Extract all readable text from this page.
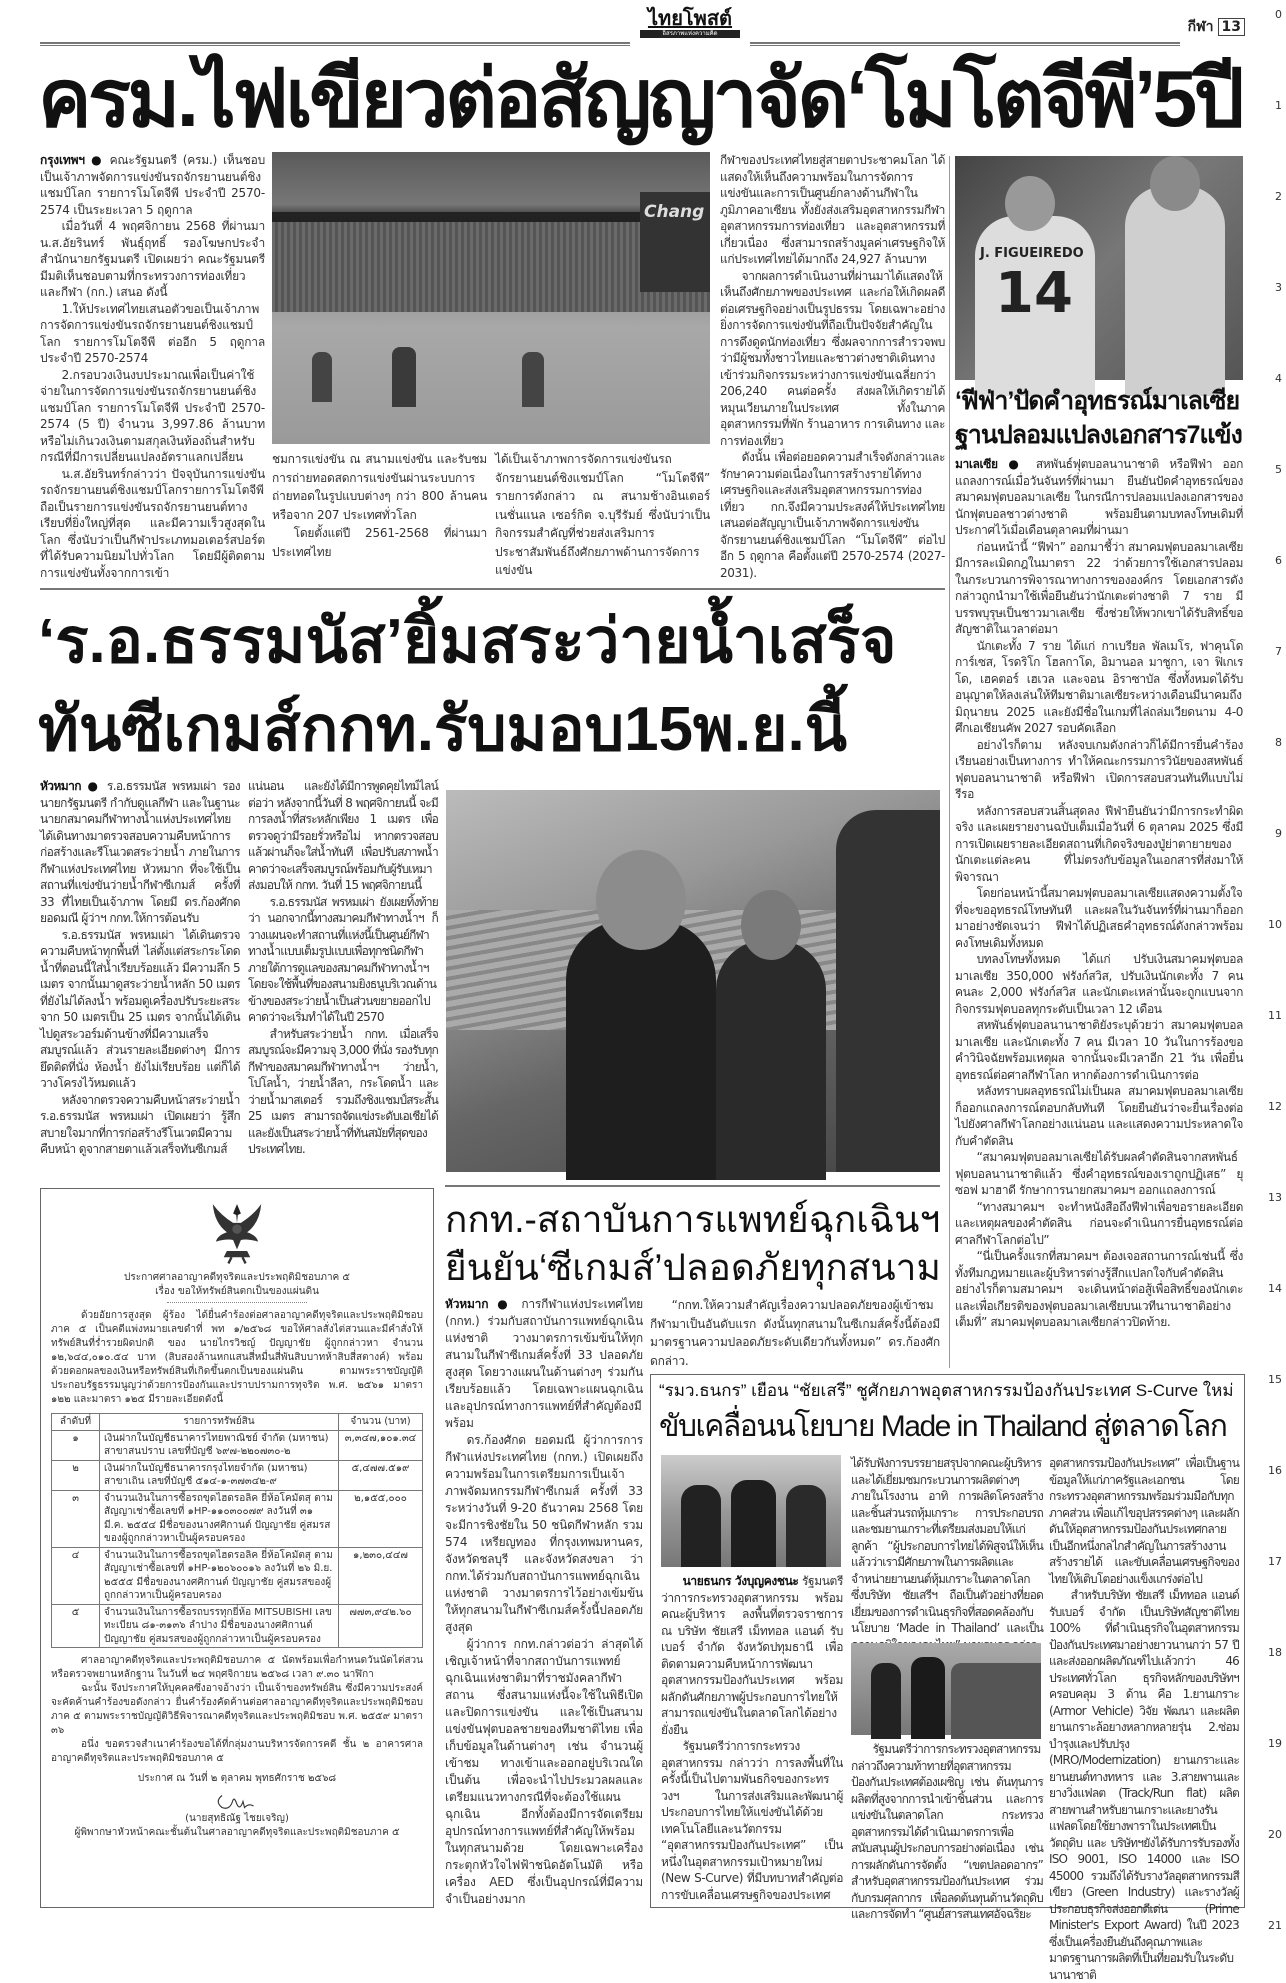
ไทยโพสต์
อิสรภาพแห่งความคิด	กีฬา 13
0
1
2
3
4
5
6
7
8
9
10
11
12
13
14
15
16
17
18
19
20
21
ครม.ไฟเขียวต่อสัญญาจัด‘โมโตจีพี’5ปี

กรุงเทพฯ ● คณะรัฐมนตรี (ครม.) เห็นชอบเป็นเจ้าภาพจัดการแข่งขันรถจักรยานยนต์ชิงแชมป์โลก รายการโมโตจีพี ประจำปี 2570-2574 เป็นระยะเวลา 5 ฤดูกาล

เมื่อวันที่ 4 พฤศจิกายน 2568 ที่ผ่านมา น.ส.อัยรินทร์ พันธุ์ฤทธิ์ รองโฆษกประจำสำนักนายกรัฐมนตรี เปิดเผยว่า คณะรัฐมนตรีมีมติเห็นชอบตามที่กระทรวงการท่องเที่ยวและกีฬา (กก.) เสนอ ดังนี้

1.ให้ประเทศไทยเสนอตัวขอเป็นเจ้าภาพการจัดการแข่งขันรถจักรยานยนต์ชิงแชมป์โลก รายการโมโตจีพี ต่ออีก 5 ฤดูกาล ประจำปี 2570-2574

2.กรอบวงเงินงบประมาณเพื่อเป็นค่าใช้จ่ายในการจัดการแข่งขันรถจักรยานยนต์ชิงแชมป์โลก รายการโมโตจีพี ประจำปี 2570-2574 (5 ปี) จำนวน 3,997.86 ล้านบาท หรือไม่เกินวงเงินตามสกุลเงินท้องถิ่นสำหรับกรณีที่มีการเปลี่ยนแปลงอัตราแลกเปลี่ยน

น.ส.อัยรินทร์กล่าวว่า ปัจจุบันการแข่งขันรถจักรยานยนต์ชิงแชมป์โลกรายการโมโตจีพี ถือเป็นรายการแข่งขันรถจักรยานยนต์ทางเรียบที่ยิ่งใหญ่ที่สุด และมีความเร็วสูงสุดในโลก ซึ่งนับว่าเป็นกีฬาประเภทมอเตอร์สปอร์ตที่ได้รับความนิยมไปทั่วโลก โดยมีผู้ติดตามการแข่งขันทั้งจากการเข้า

Chang

ชมการแข่งขัน ณ สนามแข่งขัน และรับชมการถ่ายทอดสดการแข่งขันผ่านระบบการถ่ายทอดในรูปแบบต่างๆ กว่า 800 ล้านคน หรือจาก 207 ประเทศทั่วโลก

โดยตั้งแต่ปี 2561-2568 ที่ผ่านมา ประเทศไทย

ได้เป็นเจ้าภาพการจัดการแข่งขันรถจักรยานยนต์ชิงแชมป์โลก “โมโตจีพี” รายการดังกล่าว ณ สนามช้างอินเตอร์เนชั่นแนล เซอร์กิต จ.บุรีรัมย์ ซึ่งนับว่าเป็นกิจกรรมสำคัญที่ช่วยส่งเสริมการประชาสัมพันธ์ถึงศักยภาพด้านการจัดการแข่งขัน

กีฬาของประเทศไทยสู่สายตาประชาคมโลก ได้แสดงให้เห็นถึงความพร้อมในการจัดการแข่งขันและการเป็นศูนย์กลางด้านกีฬาในภูมิภาคอาเซียน ทั้งยังส่งเสริมอุตสาหกรรมกีฬา อุตสาหกรรมการท่องเที่ยว และอุตสาหกรรมที่เกี่ยวเนื่อง ซึ่งสามารถสร้างมูลค่าเศรษฐกิจให้แก่ประเทศไทยได้มากถึง 24,927 ล้านบาท

จากผลการดำเนินงานที่ผ่านมาได้แสดงให้เห็นถึงศักยภาพของประเทศ และก่อให้เกิดผลดีต่อเศรษฐกิจอย่างเป็นรูปธรรม โดยเฉพาะอย่างยิ่งการจัดการแข่งขันที่ถือเป็นปัจจัยสำคัญในการดึงดูดนักท่องเที่ยว ซึ่งผลจากการสำรวจพบว่ามีผู้ชมทั้งชาวไทยและชาวต่างชาติเดินทางเข้าร่วมกิจกรรมระหว่างการแข่งขันเฉลี่ยกว่า 206,240 คนต่อครั้ง ส่งผลให้เกิดรายได้หมุนเวียนภายในประเทศ ทั้งในภาคอุตสาหกรรมที่พัก ร้านอาหาร การเดินทาง และการท่องเที่ยว

ดังนั้น เพื่อต่อยอดความสำเร็จดังกล่าวและรักษาความต่อเนื่องในการสร้างรายได้ทางเศรษฐกิจและส่งเสริมอุตสาหกรรมการท่องเที่ยว กก.จึงมีความประสงค์ให้ประเทศไทยเสนอต่อสัญญาเป็นเจ้าภาพจัดการแข่งขันจักรยานยนต์ชิงแชมป์โลก “โมโตจีพี” ต่อไปอีก 5 ฤดูกาล คือตั้งแต่ปี 2570-2574 (2027-2031).

J. FIGUEIREDO
14
‘ฟีฟ่า’ปัดคำอุทธรณ์มาเลเซีย
ฐานปลอมแปลงเอกสาร7แข้ง

มาเลเซีย ● สหพันธ์ฟุตบอลนานาชาติ หรือฟีฟ่า ออกแถลงการณ์เมื่อวันจันทร์ที่ผ่านมา ยืนยันปัดคำอุทธรณ์ของสมาคมฟุตบอลมาเลเซีย ในกรณีการปลอมแปลงเอกสารของนักฟุตบอลชาวต่างชาติ พร้อมยืนตามบทลงโทษเดิมที่ประกาศไว้เมื่อเดือนตุลาคมที่ผ่านมา

ก่อนหน้านี้ “ฟีฟ่า” ออกมาชี้ว่า สมาคมฟุตบอลมาเลเซีย มีการละเมิดกฎในมาตรา 22 ว่าด้วยการใช้เอกสารปลอม ในกระบวนการพิจารณาทางการขององค์กร โดยเอกสารดังกล่าวถูกนำมาใช้เพื่อยืนยันว่านักเตะต่างชาติ 7 ราย มีบรรพบุรุษเป็นชาวมาเลเซีย ซึ่งช่วยให้พวกเขาได้รับสิทธิ์ขอสัญชาติในเวลาต่อมา

นักเตะทั้ง 7 ราย ได้แก่ กาเบรียล พัลเมโร, ฟาคุนโด การ์เซส, โรดริโก โฮลกาโด, อิมานอล มาชูกา, เจา ฟิเกเรโด, เฮคตอร์ เฮเวล และจอน อิราซาบัล ซึ่งทั้งหมดได้รับอนุญาตให้ลงเล่นให้ทีมชาติมาเลเซียระหว่างเดือนมีนาคมถึงมิถุนายน 2025 และยังมีชื่อในเกมที่ไล่ถล่มเวียดนาม 4-0 ศึกเอเชียนคัพ 2027 รอบคัดเลือก

อย่างไรก็ตาม หลังจบเกมดังกล่าวก็ได้มีการยื่นคำร้องเรียนอย่างเป็นทางการ ทำให้คณะกรรมการวินัยของสหพันธ์ฟุตบอลนานาชาติ หรือฟีฟ่า เปิดการสอบสวนทันทีแบบไม่รีรอ

หลังการสอบสวนสิ้นสุดลง ฟีฟ่ายืนยันว่ามีการกระทำผิดจริง และเผยรายงานฉบับเต็มเมื่อวันที่ 6 ตุลาคม 2025 ซึ่งมีการเปิดเผยรายละเอียดสถานที่เกิดจริงของปู่ย่าตายายของนักเตะแต่ละคน ที่ไม่ตรงกับข้อมูลในเอกสารที่ส่งมาให้พิจารณา

โดยก่อนหน้านี้สมาคมฟุตบอลมาเลเซียแสดงความตั้งใจที่จะขออุทธรณ์โทษทันที และผลในวันจันทร์ที่ผ่านมาก็ออกมาอย่างชัดเจนว่า ฟีฟ่าได้ปฏิเสธคำอุทธรณ์ดังกล่าวพร้อมคงโทษเดิมทั้งหมด

บทลงโทษทั้งหมด ได้แก่ ปรับเงินสมาคมฟุตบอลมาเลเซีย 350,000 ฟรังก์สวิส, ปรับเงินนักเตะทั้ง 7 คน คนละ 2,000 ฟรังก์สวิส และนักเตะเหล่านั้นจะถูกแบนจากกิจกรรมฟุตบอลทุกระดับเป็นเวลา 12 เดือน

สหพันธ์ฟุตบอลนานาชาติยังระบุด้วยว่า สมาคมฟุตบอลมาเลเซีย และนักเตะทั้ง 7 คน มีเวลา 10 วันในการร้องขอคำวินิจฉัยพร้อมเหตุผล จากนั้นจะมีเวลาอีก 21 วัน เพื่อยื่นอุทธรณ์ต่อศาลกีฬาโลก หากต้องการดำเนินการต่อ

หลังทราบผลอุทธรณ์ไม่เป็นผล สมาคมฟุตบอลมาเลเซียก็ออกแถลงการณ์ตอบกลับทันที โดยยืนยันว่าจะยื่นเรื่องต่อไปยังศาลกีฬาโลกอย่างแน่นอน และแสดงความประหลาดใจกับคำตัดสิน

“สมาคมฟุตบอลมาเลเซียได้รับผลคำตัดสินจากสหพันธ์ฟุตบอลนานาชาติแล้ว ซึ่งคำอุทธรณ์ของเราถูกปฏิเสธ” ยุซอฟ มาฮาดี รักษาการนายกสมาคมฯ ออกแถลงการณ์

“ทางสมาคมฯ จะทำหนังสือถึงฟีฟ่าเพื่อขอรายละเอียดและเหตุผลของคำตัดสิน ก่อนจะดำเนินการยื่นอุทธรณ์ต่อศาลกีฬาโลกต่อไป”

“นี่เป็นครั้งแรกที่สมาคมฯ ต้องเจอสถานการณ์เช่นนี้ ซึ่งทั้งทีมกฎหมายและผู้บริหารต่างรู้สึกแปลกใจกับคำตัดสิน อย่างไรก็ตามสมาคมฯ จะเดินหน้าต่อสู้เพื่อสิทธิ์ของนักเตะ และเพื่อเกียรติของฟุตบอลมาเลเซียบนเวทีนานาชาติอย่างเต็มที่” สมาคมฟุตบอลมาเลเซียกล่าวปิดท้าย.

‘ร.อ.ธรรมนัส’ยิ้มสระว่ายน้ำเสร็จ
ทันซีเกมส์กกท.รับมอบ15พ.ย.นี้

หัวหมาก ● ร.อ.ธรรมนัส พรหมเผ่า รองนายกรัฐมนตรี กำกับดูแลกีฬา และในฐานะนายกสมาคมกีฬาทางน้ำแห่งประเทศไทย ได้เดินทางมาตรวจสอบความคืบหน้าการก่อสร้างและรีโนเวตสระว่ายน้ำ ภายในการกีฬาแห่งประเทศไทย หัวหมาก ที่จะใช้เป็นสถานที่แข่งขันว่ายน้ำกีฬาซีเกมส์ ครั้งที่ 33 ที่ไทยเป็นเจ้าภาพ โดยมี ดร.ก้องศักด ยอดมณี ผู้ว่าฯ กกท.ให้การต้อนรับ

ร.อ.ธรรมนัส พรหมเผ่า ได้เดินตรวจความคืบหน้าทุกพื้นที่ ไล่ตั้งแต่สระกระโดดน้ำที่ตอนนี้ใส่น้ำเรียบร้อยแล้ว มีความลึก 5 เมตร จากนั้นมาดูสระว่ายน้ำหลัก 50 เมตร ที่ยังไม่ได้ลงน้ำ พร้อมดูเครื่องปรับระยะสระจาก 50 เมตรเป็น 25 เมตร จากนั้นได้เดินไปดูสระวอร์มด้านข้างที่มีความเสร็จสมบูรณ์แล้ว ส่วนรายละเอียดต่างๆ มีการยึดติดที่นั่ง ห้องน้ำ ยังไม่เรียบร้อย แต่ก็ได้วางโครงไว้หมดแล้ว

หลังจากตรวจความคืบหน้าสระว่ายน้ำ ร.อ.ธรรมนัส พรหมเผ่า เปิดเผยว่า รู้สึกสบายใจมากที่การก่อสร้างรีโนเวตมีความคืบหน้า ดูจากสายตาแล้วเสร็จทันซีเกมส์

แน่นอน และยังได้มีการพูดคุยไทม์ไลน์ต่อว่า หลังจากนี้วันที่ 8 พฤศจิกายนนี้ จะมีการลงน้ำที่สระหลักเพียง 1 เมตร เพื่อตรวจดูว่ามีรอยรั่วหรือไม่ หากตรวจสอบแล้วผ่านก็จะใส่น้ำทันที เพื่อปรับสภาพน้ำ คาดว่าจะเสร็จสมบูรณ์พร้อมกับผู้รับเหมาส่งมอบให้ กกท. วันที่ 15 พฤศจิกายนนี้

ร.อ.ธรรมนัส พรหมเผ่า ยังเผยทิ้งท้ายว่า นอกจากนี้ทางสมาคมกีฬาทางน้ำฯ ก็วางแผนจะทำสถานที่แห่งนี้เป็นศูนย์กีฬาทางน้ำแบบเต็มรูปแบบเพื่อทุกชนิดกีฬา ภายใต้การดูแลของสมาคมกีฬาทางน้ำฯ โดยจะใช้พื้นที่ของสนามยิงธนูบริเวณด้านข้างของสระว่ายน้ำเป็นส่วนขยายออกไป คาดว่าจะเริ่มทำได้ในปี 2570

สำหรับสระว่ายน้ำ กกท. เมื่อเสร็จสมบูรณ์จะมีความจุ 3,000 ที่นั่ง รองรับทุกกีฬาของสมาคมกีฬาทางน้ำฯ ว่ายน้ำ, โปโลน้ำ, ว่ายน้ำลีลา, กระโดดน้ำ และว่ายน้ำมาสเตอร์ รวมถึงชิงแชมป์สระสั้น 25 เมตร สามารถจัดแข่งระดับเอเชียได้ และยังเป็นสระว่ายน้ำที่ทันสมัยที่สุดของประเทศไทย.

ประกาศศาลอาญาคดีทุจริตและประพฤติมิชอบภาค ๕
เรื่อง ขอให้ทรัพย์สินตกเป็นของแผ่นดิน

ด้วยอัยการสูงสุด ผู้ร้อง ได้ยื่นคำร้องต่อศาลอาญาคดีทุจริตและประพฤติมิชอบภาค ๕ เป็นคดีแพ่งหมายเลขดำที่ พท ๑/๒๕๖๘ ขอให้ศาลสั่งไต่สวนและมีคำสั่งให้ทรัพย์สินที่ร่ำรวยผิดปกติ ของ นายไกรวิชญ์ ปัญญาชัย ผู้ถูกกล่าวหา จำนวน ๑๒,๖๔๔,๐๑๐.๕๔ บาท (สิบสองล้านหกแสนสี่หมื่นสี่พันสิบบาทห้าสิบสี่สตางค์) พร้อมด้วยดอกผลของเงินหรือทรัพย์สินที่เกิดขึ้นตกเป็นของแผ่นดิน ตามพระราชบัญญัติประกอบรัฐธรรมนูญว่าด้วยการป้องกันและปราบปรามการทุจริต พ.ศ. ๒๕๖๑ มาตรา ๑๒๒ และมาตรา ๑๒๕ มีรายละเอียดดังนี้

ลำดับที่	รายการทรัพย์สิน	จำนวน (บาท)
๑	เงินฝากในบัญชีธนาคารไทยพาณิชย์ จำกัด (มหาชน) สาขาสนปราบ เลขที่บัญชี ๖๙๗-๒๒๐๗๓๐-๒	๓,๓๔๗,๑๐๑.๓๔
๒	เงินฝากในบัญชีธนาคารกรุงไทยจำกัด (มหาชน) สาขาเถิน เลขที่บัญชี ๕๑๔-๑-๓๗๓๔๒-๙	๕,๔๗๗.๕๑๙
๓	จำนวนเงินในการซื้อรถขุดไฮดรอลิค ยี่ห้อโคมัตสุ ตามสัญญาเช่าซื้อเลขที่ ๑HP-๑๑๐๓๐๐๗๙ ลงวันที่ ๓๑ มี.ค. ๒๕๕๔ มีชื่อของนางศศิกานต์ ปัญญาชัย คู่สมรสของผู้ถูกกล่าวหาเป็นผู้ครอบครอง	๒,๑๕๕,๐๐๐
๔	จำนวนเงินในการซื้อรถขุดไฮดรอลิค ยี่ห้อโคมัตสุ ตามสัญญาเช่าซื้อเลขที่ ๑HP-๑๒๐๖๐๐๑๖ ลงวันที่ ๒๖ มิ.ย. ๒๕๕๕ มีชื่อของนางศศิกานต์ ปัญญาชัย คู่สมรสของผู้ถูกกล่าวหาเป็นผู้ครอบครอง	๑,๒๓๐,๔๔๗
๕	จำนวนเงินในการซื้อรถบรรทุกยี่ห้อ MITSUBISHI เลขทะเบียน ๘๑-๓๑๓๖ ลำปาง มีชื่อของนางศศิกานต์ ปัญญาชัย คู่สมรสของผู้ถูกกล่าวหาเป็นผู้ครอบครอง	๗๗๓,๙๔๒.๖๐

ศาลอาญาคดีทุจริตและประพฤติมิชอบภาค ๕ นัดพร้อมเพื่อกำหนดวันนัดไต่สวนหรือตรวจพยานหลักฐาน ในวันที่ ๒๔ พฤศจิกายน ๒๕๖๘ เวลา ๙.๓๐ นาฬิกา

ฉะนั้น จึงประกาศให้บุคคลซึ่งอาจอ้างว่า เป็นเจ้าของทรัพย์สิน ซึ่งมีความประสงค์จะคัดค้านคำร้องขอดังกล่าว ยื่นคำร้องคัดค้านต่อศาลอาญาคดีทุจริตและประพฤติมิชอบภาค ๕ ตามพระราชบัญญัติวิธีพิจารณาคดีทุจริตและประพฤติมิชอบ พ.ศ. ๒๕๕๙ มาตรา ๓๖

อนึ่ง ขอตรวจสำเนาคำร้องขอได้ที่กลุ่มงานบริหารจัดการคดี ชั้น ๒ อาคารศาลอาญาคดีทุจริตและประพฤติมิชอบภาค ๕

ประกาศ ณ วันที่ ๒ ตุลาคม พุทธศักราช ๒๕๖๘

(นายสุทธิณัฐ ไชยเจริญ)

ผู้พิพากษาหัวหน้าคณะชั้นต้นในศาลอาญาคดีทุจริตและประพฤติมิชอบภาค ๕

กกท.-สถาบันการแพทย์ฉุกเฉินฯ
ยืนยัน‘ซีเกมส์’ปลอดภัยทุกสนาม

หัวหมาก ● การกีฬาแห่งประเทศไทย (กกท.) ร่วมกับสถาบันการแพทย์ฉุกเฉินแห่งชาติ วางมาตรการเข้มข้นให้ทุกสนามในกีฬาซีเกมส์ครั้งที่ 33 ปลอดภัยสูงสุด โดยวางแผนในด้านต่างๆ ร่วมกันเรียบร้อยแล้ว โดยเฉพาะแผนฉุกเฉิน และอุปกรณ์ทางการแพทย์ที่สำคัญต้องมีพร้อม

ดร.ก้องศักด ยอดมณี ผู้ว่าการการกีฬาแห่งประเทศไทย (กกท.) เปิดเผยถึงความพร้อมในการเตรียมการเป็นเจ้าภาพจัดมหกรรมกีฬาซีเกมส์ ครั้งที่ 33 ระหว่างวันที่ 9-20 ธันวาคม 2568 โดยจะมีการชิงชัยใน 50 ชนิดกีฬาหลัก รวม 574 เหรียญทอง ที่กรุงเทพมหานคร, จังหวัดชลบุรี และจังหวัดสงขลา ว่า กกท.ได้ร่วมกับสถาบันการแพทย์ฉุกเฉินแห่งชาติ วางมาตรการไว้อย่างเข้มข้นให้ทุกสนามในกีฬาซีเกมส์ครั้งนี้ปลอดภัยสูงสุด

ผู้ว่าการ กกท.กล่าวต่อว่า ล่าสุดได้เชิญเจ้าหน้าที่จากสถาบันการแพทย์ฉุกเฉินแห่งชาติมาที่ราชมังคลากีฬาสถาน ซึ่งสนามแห่งนี้จะใช้ในพิธีเปิดและปิดการแข่งขัน และใช้เป็นสนามแข่งขันฟุตบอลชายของทีมชาติไทย เพื่อเก็บข้อมูลในด้านต่างๆ เช่น จำนวนผู้เข้าชม ทางเข้าและออกอยู่บริเวณใด เป็นต้น เพื่อจะนำไปประมวลผลและเตรียมแนวทางกรณีที่จะต้องใช้แผนฉุกเฉิน อีกทั้งต้องมีการจัดเตรียมอุปกรณ์ทางการแพทย์ที่สำคัญให้พร้อมในทุกสนามด้วย โดยเฉพาะเครื่องกระตุกหัวใจไฟฟ้าชนิดอัตโนมัติ หรือเครื่อง AED ซึ่งเป็นอุปกรณ์ที่มีความจำเป็นอย่างมาก

“กกท.ให้ความสำคัญเรื่องความปลอดภัยของผู้เข้าชมกีฬามาเป็นอันดับแรก ดังนั้นทุกสนามในซีเกมส์ครั้งนี้ต้องมีมาตรฐานความปลอดภัยระดับเดียวกันทั้งหมด” ดร.ก้องศักดกล่าว.

“รมว.ธนกร” เยือน “ชัยเสรี” ชูศักยภาพอุตสาหกรรมป้องกันประเทศ S-Curve ใหม่
ขับเคลื่อนนโยบาย Made in Thailand สู่ตลาดโลก

นายธนกร วังบุญคงชนะ รัฐมนตรีว่าการกระทรวงอุตสาหกรรม พร้อมคณะผู้บริหาร ลงพื้นที่ตรวจราชการ ณ บริษัท ชัยเสรี เม็ททอล แอนด์ รับเบอร์ จำกัด จังหวัดปทุมธานี เพื่อติดตามความคืบหน้าการพัฒนาอุตสาหกรรมป้องกันประเทศ พร้อมผลักดันศักยภาพผู้ประกอบการไทยให้สามารถแข่งขันในตลาดโลกได้อย่างยั่งยืน

รัฐมนตรีว่าการกระทรวงอุตสาหกรรม กล่าวว่า การลงพื้นที่ในครั้งนี้เป็นไปตามพันธกิจของกระทรวงฯ ในการส่งเสริมและพัฒนาผู้ประกอบการไทยให้แข่งขันได้ด้วยเทคโนโลยีและนวัตกรรม “อุตสาหกรรมป้องกันประเทศ” เป็นหนึ่งในอุตสาหกรรมเป้าหมายใหม่ (New S-Curve) ที่มีบทบาทสำคัญต่อการขับเคลื่อนเศรษฐกิจของประเทศ

ได้รับฟังการบรรยายสรุปจากคณะผู้บริหาร และได้เยี่ยมชมกระบวนการผลิตต่างๆ ภายในโรงงาน อาทิ การผลิตโครงสร้างและชิ้นส่วนรถหุ้มเกราะ การประกอบรถ และชมยานเกราะที่เตรียมส่งมอบให้แก่ลูกค้า “ผู้ประกอบการไทยได้พิสูจน์ให้เห็นแล้วว่าเรามีศักยภาพในการผลิตและจำหน่ายยานยนต์หุ้มเกราะในตลาดโลก ซึ่งบริษัท ชัยเสรีฯ ถือเป็นตัวอย่างที่ยอดเยี่ยมของการดำเนินธุรกิจที่สอดคล้องกับนโยบาย ‘Made in Thailand’ และเป็น

รัฐมนตรีว่าการกระทรวงอุตสาหกรรม กล่าวถึงความท้าทายที่อุตสาหกรรมป้องกันประเทศต้องเผชิญ เช่น ต้นทุนการผลิตที่สูงจากการนำเข้าชิ้นส่วน และการแข่งขันในตลาดโลก กระทรวงอุตสาหกรรมได้ดำเนินมาตรการเพื่อสนับสนุนผู้ประกอบการอย่างต่อเนื่อง เช่น การผลักดันการจัดตั้ง “เขตปลอดอากร” สำหรับอุตสาหกรรมป้องกันประเทศ ร่วมกับกรมศุลกากร เพื่อลดต้นทุนด้านวัตถุดิบ และการจัดทำ “ศูนย์สารสนเทศอัจฉริยะ

อุตสาหกรรมป้องกันประเทศ” เพื่อเป็นฐานข้อมูลให้แก่ภาครัฐและเอกชน โดยกระทรวงอุตสาหกรรมพร้อมร่วมมือกับทุกภาคส่วน เพื่อแก้ไขอุปสรรคต่างๆ และผลักดันให้อุตสาหกรรมป้องกันประเทศกลายเป็นอีกหนึ่งกลไกสำคัญในการสร้างงาน สร้างรายได้ และขับเคลื่อนเศรษฐกิจของไทยให้เติบโตอย่างแข็งแกร่งต่อไป

สำหรับบริษัท ชัยเสรี เม็ททอล แอนด์ รับเบอร์ จำกัด เป็นบริษัทสัญชาติไทย 100% ที่ดำเนินธุรกิจในอุตสาหกรรมป้องกันประเทศมาอย่างยาวนานกว่า 57 ปี และส่งออกผลิตภัณฑ์ไปแล้วกว่า 46 ประเทศทั่วโลก ธุรกิจหลักของบริษัทฯ ครอบคลุม 3 ด้าน คือ 1.ยานเกราะ (Armor Vehicle) วิจัย พัฒนา และผลิตยานเกราะล้อยางหลากหลายรุ่น 2.ซ่อมบำรุงและปรับปรุง (MRO/Modernization) ยานเกราะและยานยนต์ทางทหาร และ 3.สายพานและยางวิ่งแฟลต (Track/Run flat) ผลิตสายพานสำหรับยานเกราะและยางรันแฟลตโดยใช้ยางพาราในประเทศเป็นวัตถุดิบ และ บริษัทฯยังได้รับการรับรองทั้ง ISO 9001, ISO 14000 และ ISO 45000 รวมถึงได้รับรางวัลอุตสาหกรรมสีเขียว (Green Industry) และรางวัลผู้ประกอบธุรกิจส่งออกดีเด่น (Prime Minister's Export Award) ในปี 2023 ซึ่งเป็นเครื่องยืนยันถึงคุณภาพและมาตรฐานการผลิตที่เป็นที่ยอมรับในระดับนานาชาติ
